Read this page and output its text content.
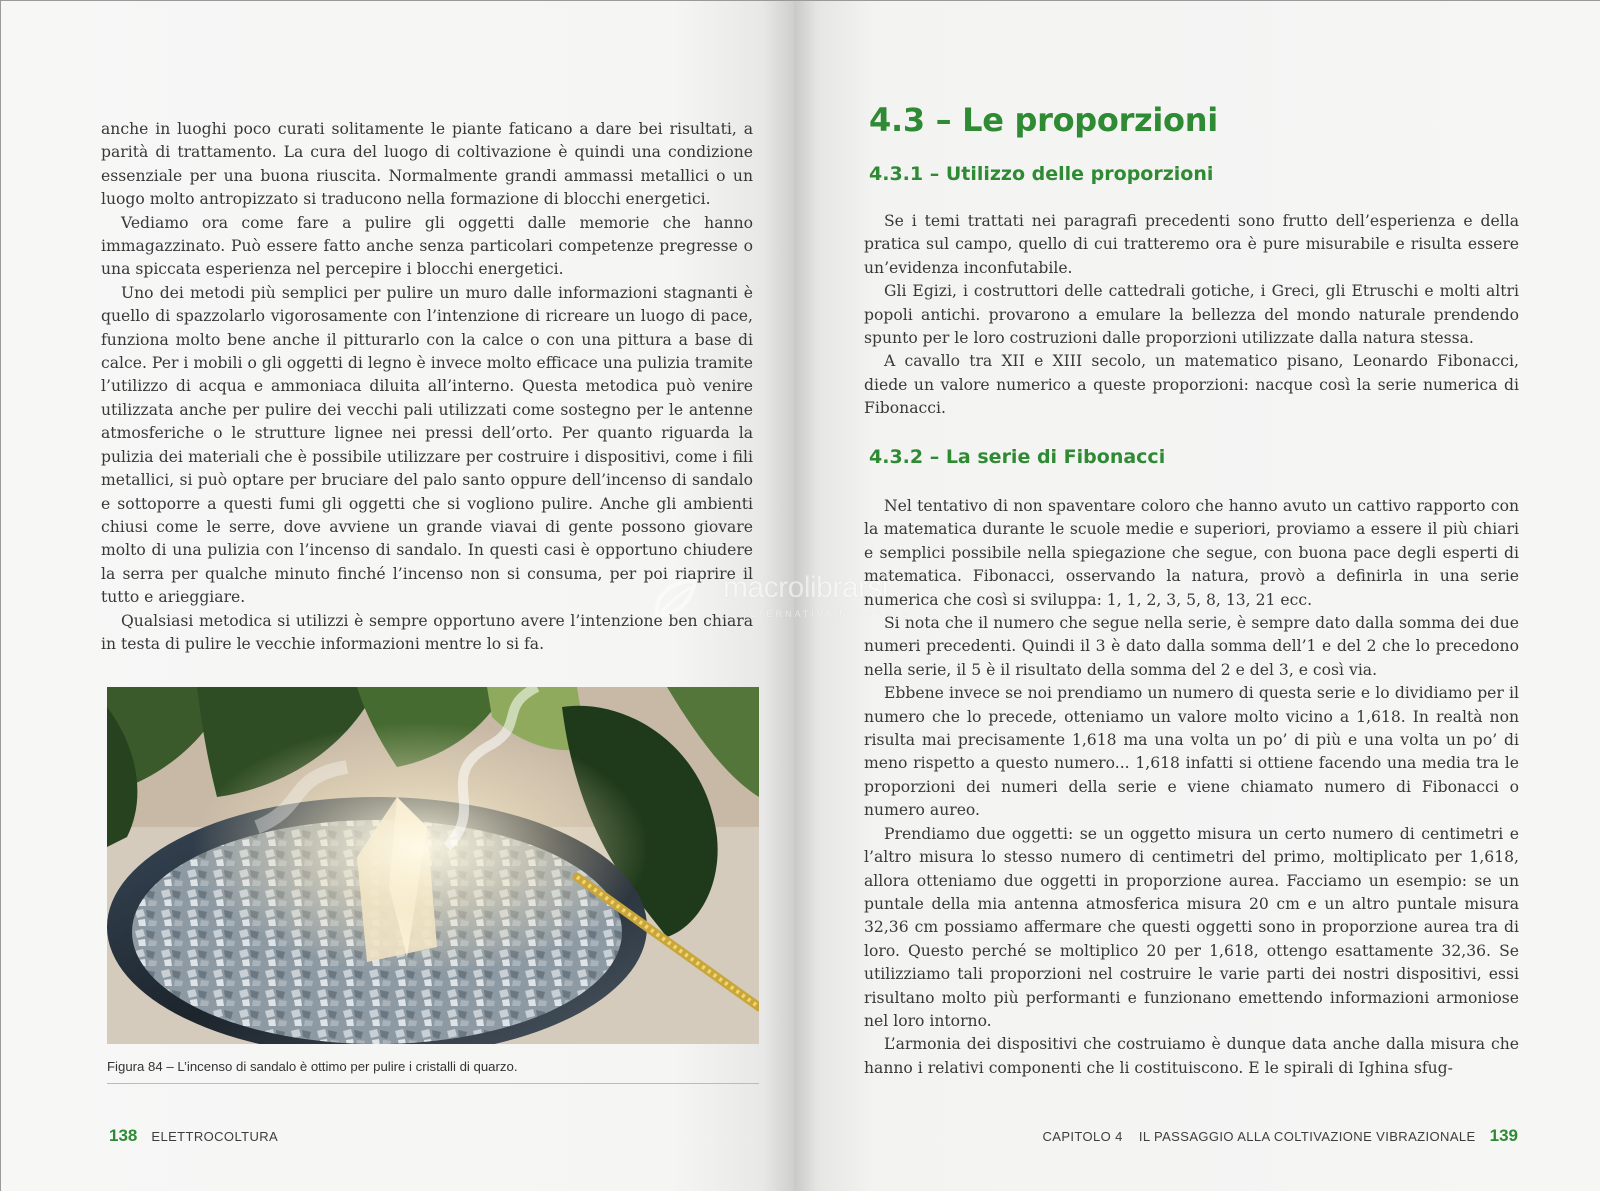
anche in luoghi poco curati solitamente le piante faticano a dare bei risultati, a parità di trattamento. La cura del luogo di coltivazione è quindi una condizione essenziale per una buona riuscita. Normalmente grandi ammassi metallici o un luogo molto antropizzato si traducono nella formazione di blocchi energetici.

Vediamo ora come fare a pulire gli oggetti dalle memorie che hanno immagazzinato. Può essere fatto anche senza particolari competenze pregresse o una spiccata esperienza nel percepire i blocchi energetici.

Uno dei metodi più semplici per pulire un muro dalle informazioni stagnanti è quello di spazzolarlo vigorosamente con l’intenzione di ricreare un luogo di pace, funziona molto bene anche il pitturarlo con la calce o con una pittura a base di calce. Per i mobili o gli oggetti di legno è invece molto efficace una pulizia tramite l’utilizzo di acqua e ammoniaca diluita all’interno. Questa metodica può venire utilizzata anche per pulire dei vecchi pali utilizzati come sostegno per le antenne atmosferiche o le strutture lignee nei pressi dell’orto. Per quanto riguarda la pulizia dei materiali che è possibile utilizzare per costruire i dispositivi, come i fili metallici, si può optare per bruciare del palo santo oppure dell’incenso di sandalo e sottoporre a questi fumi gli oggetti che si vogliono pulire. Anche gli ambienti chiusi come le serre, dove avviene un grande viavai di gente possono giovare molto di una pulizia con l’incenso di sandalo. In questi casi è opportuno chiudere la serra per qualche minuto finché l’incenso non si consuma, per poi riaprire il tutto e arieggiare.

Qualsiasi metodica si utilizzi è sempre opportuno avere l’intenzione ben chiara in testa di pulire le vecchie informazioni mentre lo si fa.

Figura 84 – L’incenso di sandalo è ottimo per pulire i cristalli di quarzo.
138 ELETTROCOLTURA
4.3 – Le proporzioni
4.3.1 – Utilizzo delle proporzioni

Se i temi trattati nei paragrafi precedenti sono frutto dell’esperienza e della pratica sul campo, quello di cui tratteremo ora è pure misurabile e risulta essere un’evidenza inconfutabile.

Gli Egizi, i costruttori delle cattedrali gotiche, i Greci, gli Etruschi e molti altri popoli antichi. provarono a emulare la bellezza del mondo naturale prendendo spunto per le loro costruzioni dalle proporzioni utilizzate dalla natura stessa.

A cavallo tra XII e XIII secolo, un matematico pisano, Leonardo Fibonacci, diede un valore numerico a queste proporzioni: nacque così la serie numerica di Fibonacci.

4.3.2 – La serie di Fibonacci

Nel tentativo di non spaventare coloro che hanno avuto un cattivo rapporto con la matematica durante le scuole medie e superiori, proviamo a essere il più chiari e semplici possibile nella spiegazione che segue, con buona pace degli esperti di matematica. Fibonacci, osservando la natura, provò a definirla in una serie numerica che così si sviluppa: 1, 1, 2, 3, 5, 8, 13, 21 ecc.

Si nota che il numero che segue nella serie, è sempre dato dalla somma dei due numeri precedenti. Quindi il 3 è dato dalla somma dell’1 e del 2 che lo precedono nella serie, il 5 è il risultato della somma del 2 e del 3, e così via.

Ebbene invece se noi prendiamo un numero di questa serie e lo dividiamo per il numero che lo precede, otteniamo un valore molto vicino a 1,618. In realtà non risulta mai precisamente 1,618 ma una volta un po’ di più e una volta un po’ di meno rispetto a questo numero... 1,618 infatti si ottiene facendo una media tra le proporzioni dei numeri della serie e viene chiamato numero di Fibonacci o numero aureo.

Prendiamo due oggetti: se un oggetto misura un certo numero di centimetri e l’altro misura lo stesso numero di centimetri del primo, moltiplicato per 1,618, allora otteniamo due oggetti in proporzione aurea. Facciamo un esempio: se un puntale della mia antenna atmosferica misura 20 cm e un altro puntale misura 32,36 cm possiamo affermare che questi oggetti sono in proporzione aurea tra di loro. Questo perché se moltiplico 20 per 1,618, ottengo esattamente 32,36. Se utilizziamo tali proporzioni nel costruire le varie parti dei nostri dispositivi, essi risultano molto più performanti e funzionano emettendo informazioni armoniose nel loro intorno.

L’armonia dei dispositivi che costruiamo è dunque data anche dalla misura che hanno i relativi componenti che li costituiscono. E le spirali di Ighina sfug-

CAPITOLO 4 IL PASSAGGIO ALLA COLTIVAZIONE VIBRAZIONALE 139
macrolibrarsi
L'ALTERNATIVA NATURALE
